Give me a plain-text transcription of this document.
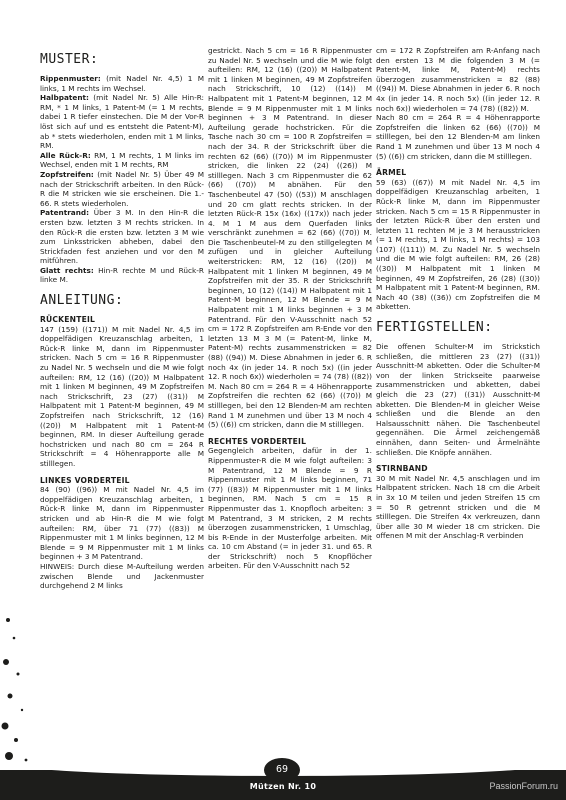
MUSTER:

Rippenmuster: (mit Nadel Nr. 4,5) 1 M links, 1 M rechts im Wechsel.

Halbpatent: (mit Nadel Nr. 5) Alle Hin-R: RM, * 1 M links, 1 Patent-M (= 1 M rechts, dabei 1 R tiefer einstechen. Die M der Vor-R löst sich auf und es entsteht die Patent-M), ab * stets wiederholen, enden mit 1 M links, RM.

Alle Rück-R: RM, 1 M rechts, 1 M links im Wechsel, enden mit 1 M rechts, RM

Zopfstreifen: (mit Nadel Nr. 5) Über 49 M nach der Strickschrift arbeiten. In den Rück-R die M stricken wie sie erscheinen. Die 1.- 66. R stets wiederholen.

Patentrand: Über 3 M. In den Hin-R die ersten bzw. letzten 3 M rechts stricken. In den Rück-R die ersten bzw. letzten 3 M wie zum Linksstricken abheben, dabei den Strickfaden fest anziehen und vor den M mitführen.

Glatt rechts: Hin-R rechte M und Rück-R linke M.

ANLEITUNG:
RÜCKENTEIL

147 (159) ((171)) M mit Nadel Nr. 4,5 im doppelfädigen Kreuzanschlag arbeiten, 1 Rück-R linke M, dann im Rippenmuster stricken. Nach 5 cm = 16 R Rippenmuster zu Nadel Nr. 5 wechseln und die M wie folgt aufteilen: RM, 12 (16) ((20)) M Halbpatent mit 1 linken M beginnen, 49 M Zopfstreifen nach Strickschrift, 23 (27) ((31)) M Halbpatent mit 1 Patent-M beginnen, 49 M Zopfstreifen nach Strickschrift, 12 (16) ((20)) M Halbpatent mit 1 Patent-M beginnen, RM. In dieser Aufteilung gerade hochstricken und nach 80 cm = 264 R Strickschrift = 4 Höhenrapporte alle M stilllegen.

LINKES VORDERTEIL

84 (90) ((96)) M mit Nadel Nr. 4,5 im doppelfädigen Kreuzanschlag arbeiten, 1 Rück-R linke M, dann im Rippenmuster stricken und ab Hin-R die M wie folgt aufteilen: RM, über 71 (77) ((83)) M Rippenmuster mit 1 M links beginnen, 12 M Blende = 9 M Rippenmuster mit 1 M links beginnen + 3 M Patentrand.

HINWEIS: Durch diese M-Aufteilung werden zwischen Blende und Jackenmuster durchgehend 2 M links

gestrickt. Nach 5 cm = 16 R Rippenmuster zu Nadel Nr. 5 wechseln und die M wie folgt aufteilen: RM, 12 (16) ((20)) M Halbpatent mit 1 linken M beginnen, 49 M Zopfstreifen nach Strickschrift, 10 (12) ((14)) M Halbpatent mit 1 Patent-M beginnen, 12 M Blende = 9 M Rippenmuster mit 1 M links beginnen + 3 M Patentrand. In dieser Aufteilung gerade hochstricken. Für die Tasche nach 30 cm = 100 R Zopfstreifen = nach der 34. R der Strickschrift über die rechten 62 (66) ((70)) M im Rippenmuster stricken, die linken 22 (24) ((26)) M stilllegen. Nach 3 cm Rippenmuster die 62 (66) ((70)) M abnähen. Für den Taschenbeutel 47 (50) ((53)) M anschlagen und 20 cm glatt rechts stricken. In der letzten Rück-R 15x (16x) ((17x)) nach jeder 4. M 1 M aus dem Querfaden links verschränkt zunehmen = 62 (66) ((70)) M. Die Taschenbeutel-M zu den stillgelegten M zufügen und in gleicher Aufteilung weiterstricken: RM, 12 (16) ((20)) M Halbpatent mit 1 linken M beginnen, 49 M Zopfstreifen mit der 35. R der Strickschrift beginnen, 10 (12) ((14)) M Halbpatent mit 1 Patent-M beginnen, 12 M Blende = 9 M Halbpatent mit 1 M links beginnen + 3 M Patentrand. Für den V-Ausschnitt nach 52 cm = 172 R Zopfstreifen am R-Ende vor den letzten 13 M 3 M (= Patent-M, linke M, Patent-M) rechts zusammenstricken = 82 (88) ((94)) M. Diese Abnahmen in jeder 6. R noch 4x (in jeder 14. R noch 5x) ((in jeder 12. R noch 6x)) wiederholen = 74 (78) ((82)) M. Nach 80 cm = 264 R = 4 Höhenrapporte Zopfstreifen die rechten 62 (66) ((70)) M stilllegen, bei den 12 Blenden-M am rechten Rand 1 M zunehmen und über 13 M noch 4 (5) ((6)) cm stricken, dann die M stilllegen.

RECHTES VORDERTEIL

Gegengleich arbeiten, dafür in der 1. Rippenmuster-R die M wie folgt aufteilen: 3 M Patentrand, 12 M Blende = 9 R Rippenmuster mit 1 M links beginnen, 71 (77) ((83)) M Rippenmuster mit 1 M links beginnen, RM. Nach 5 cm = 15 R Rippenmuster das 1. Knopfloch arbeiten: 3 M Patentrand, 3 M stricken, 2 M rechts überzogen zusammenstricken, 1 Umschlag, bis R-Ende in der Musterfolge arbeiten. Mit ca. 10 cm Abstand (= in jeder 31. und 65. R der Strickschrift) noch 5 Knopflöcher arbeiten. Für den V-Ausschnitt nach 52

cm = 172 R Zopfstreifen am R-Anfang nach den ersten 13 M die folgenden 3 M (= Patent-M, linke M, Patent-M) rechts überzogen zusammenstricken = 82 (88) ((94)) M. Diese Abnahmen in jeder 6. R noch 4x (in jeder 14. R noch 5x) ((in jeder 12. R noch 6x)) wiederholen = 74 (78) ((82)) M.

Nach 80 cm = 264 R = 4 Höhenrapporte Zopfstreifen die linken 62 (66) ((70)) M stilllegen, bei den 12 Blenden-M am linken Rand 1 M zunehmen und über 13 M noch 4 (5) ((6)) cm stricken, dann die M stilllegen.

ÄRMEL

59 (63) ((67)) M mit Nadel Nr. 4,5 im doppelfädigen Kreuzanschlag arbeiten, 1 Rück-R linke M, dann im Rippenmuster stricken. Nach 5 cm = 15 R Rippenmuster in der letzten Rück-R über den ersten und letzten 11 rechten M je 3 M herausstricken (= 1 M rechts, 1 M links, 1 M rechts) = 103 (107) ((111)) M. Zu Nadel Nr. 5 wechseln und die M wie folgt aufteilen: RM, 26 (28) ((30)) M Halbpatent mit 1 linken M beginnen, 49 M Zopfstreifen, 26 (28) ((30)) M Halbpatent mit 1 Patent-M beginnen, RM. Nach 40 (38) ((36)) cm Zopfstreifen die M abketten.

FERTIGSTELLEN:

Die offenen Schulter-M im Strickstich schließen, die mittleren 23 (27) ((31)) Ausschnitt-M abketten. Oder die Schulter-M von der linken Strickseite paarweise zusammenstricken und abketten, dabei gleich die 23 (27) ((31)) Ausschnitt-M abketten. Die Blenden-M in gleicher Weise schließen und die Blende an den Halsausschnitt nähen. Die Taschenbeutel gegennähen. Die Ärmel zeichengemäß einnähen, dann Seiten- und Ärmelnähte schließen. Die Knöpfe annähen.

STIRNBAND

30 M mit Nadel Nr. 4,5 anschlagen und im Halbpatent stricken. Nach 18 cm die Arbeit in 3x 10 M teilen und jeden Streifen 15 cm = 50 R getrennt stricken und die M stilllegen. Die Streifen 4x verkreuzen, dann über alle 30 M wieder 18 cm stricken. Die offenen M mit der Anschlag-R verbinden

69
Mützen Nr. 10	PassionForum.ru
